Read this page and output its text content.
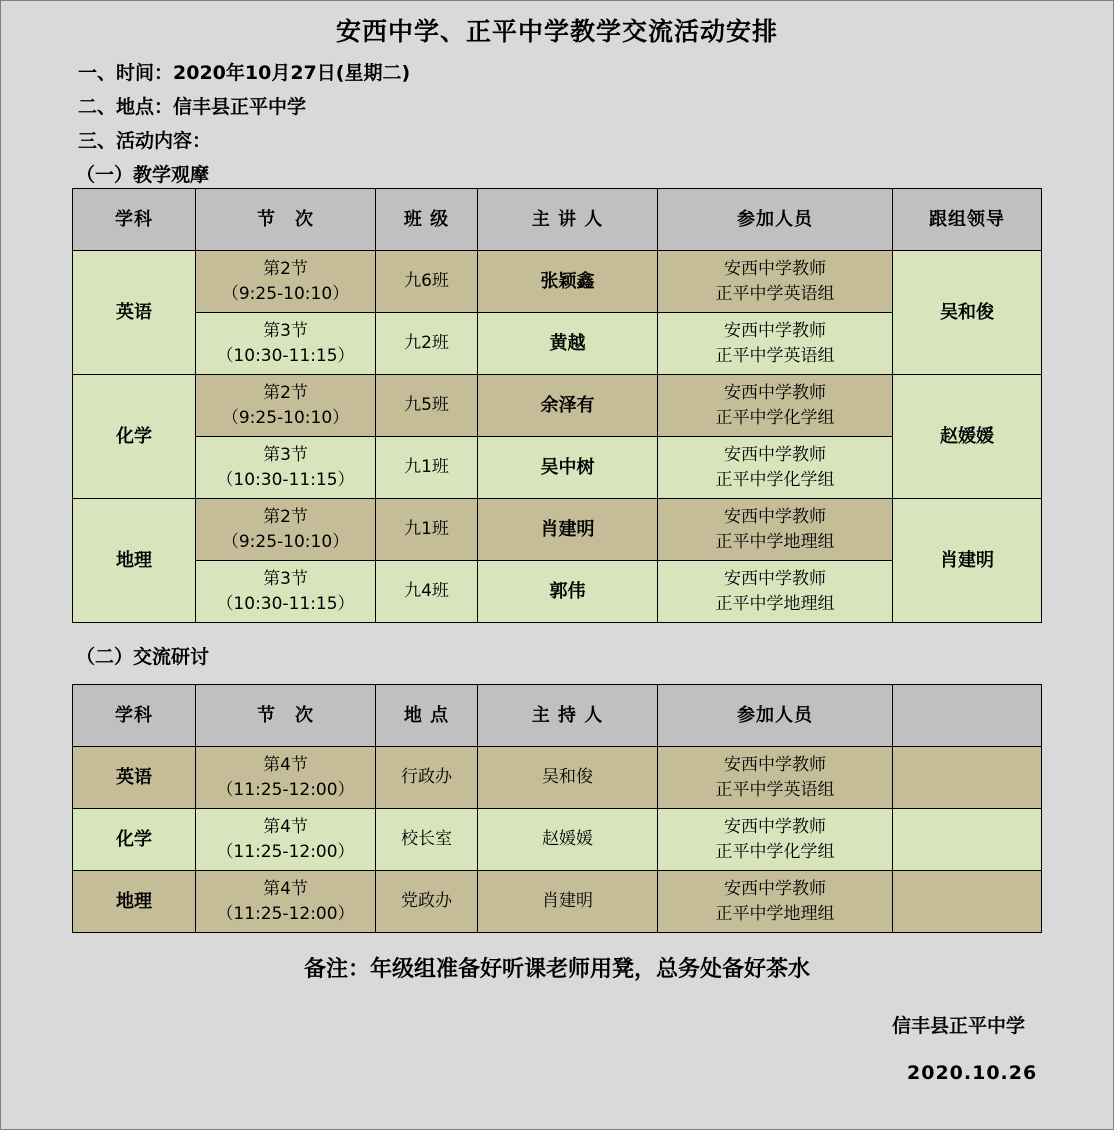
安西中学、正平中学教学交流活动安排
一、时间：2020年10月27日(星期二)
二、地点：信丰县正平中学
三、活动内容：
（一）教学观摩
学科	节　次	班 级	主 讲 人	参加人员	跟组领导
英语	第2节
（9:25-10:10）	九6班	张颖鑫	安西中学教师
正平中学英语组	吴和俊

	第3节
（10:30-11:15）	九2班	黄越	安西中学教师
正平中学英语组	

化学	第2节
（9:25-10:10）	九5班	余泽有	安西中学教师
正平中学化学组	赵媛媛

	第3节
（10:30-11:15）	九1班	吴中树	安西中学教师
正平中学化学组	

地理	第2节
（9:25-10:10）	九1班	肖建明	安西中学教师
正平中学地理组	肖建明

	第3节
（10:30-11:15）	九4班	郭伟	安西中学教师
正平中学地理组	
（二）交流研讨
学科	节　次	地 点	主 持 人	参加人员	
英语	第4节
（11:25-12:00）	行政办	吴和俊	安西中学教师
正平中学英语组	

化学	第4节
（11:25-12:00）	校长室	赵媛媛	安西中学教师
正平中学化学组	

地理	第4节
（11:25-12:00）	党政办	肖建明	安西中学教师
正平中学地理组	

备注：年级组准备好听课老师用凳，总务处备好茶水
信丰县正平中学
2020.10.26
